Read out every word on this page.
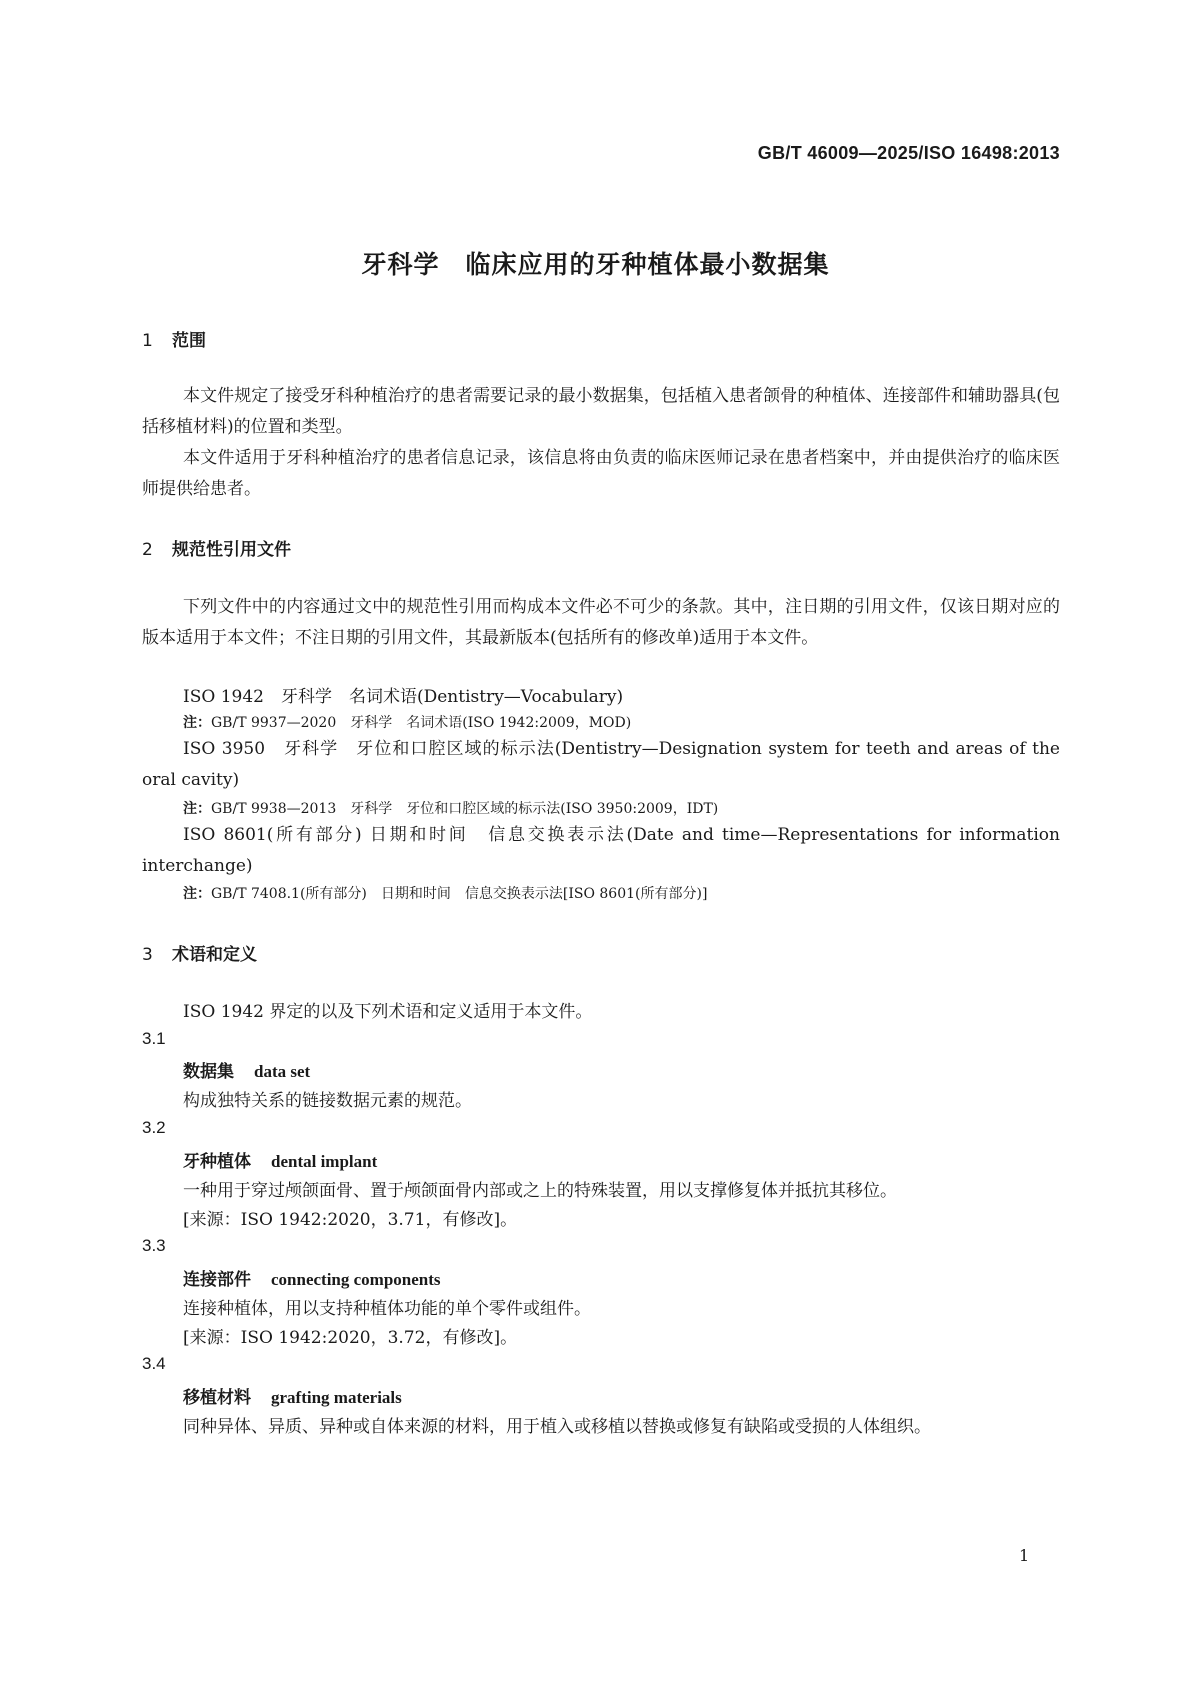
GB/T 46009—2025/ISO 16498:2013
牙科学　临床应用的牙种植体最小数据集
1 范围
本文件规定了接受牙科种植治疗的患者需要记录的最小数据集，包括植入患者颌骨的种植体、连接部件和辅助器具(包括移植材料)的位置和类型。
本文件适用于牙科种植治疗的患者信息记录，该信息将由负责的临床医师记录在患者档案中，并由提供治疗的临床医师提供给患者。
2 规范性引用文件
下列文件中的内容通过文中的规范性引用而构成本文件必不可少的条款。其中，注日期的引用文件，仅该日期对应的版本适用于本文件；不注日期的引用文件，其最新版本(包括所有的修改单)适用于本文件。
ISO 1942　牙科学　名词术语(Dentistry—Vocabulary)
注：GB/T 9937—2020　牙科学　名词术语(ISO 1942:2009，MOD)
ISO 3950　牙科学　牙位和口腔区域的标示法(Dentistry—Designation system for teeth and areas of the oral cavity)
注：GB/T 9938—2013　牙科学　牙位和口腔区域的标示法(ISO 3950:2009，IDT)
ISO 8601(所有部分) 日期和时间　信息交换表示法(Date and time—Representations for information interchange)
注：GB/T 7408.1(所有部分)　日期和时间　信息交换表示法[ISO 8601(所有部分)]
3 术语和定义
ISO 1942 界定的以及下列术语和定义适用于本文件。
3.1
数据集 data set
构成独特关系的链接数据元素的规范。
3.2
牙种植体 dental implant
一种用于穿过颅颌面骨、置于颅颌面骨内部或之上的特殊装置，用以支撑修复体并抵抗其移位。
[来源：ISO 1942:2020，3.71，有修改]。
3.3
连接部件 connecting components
连接种植体，用以支持种植体功能的单个零件或组件。
[来源：ISO 1942:2020，3.72，有修改]。
3.4
移植材料 grafting materials
同种异体、异质、异种或自体来源的材料，用于植入或移植以替换或修复有缺陷或受损的人体组织。
1
